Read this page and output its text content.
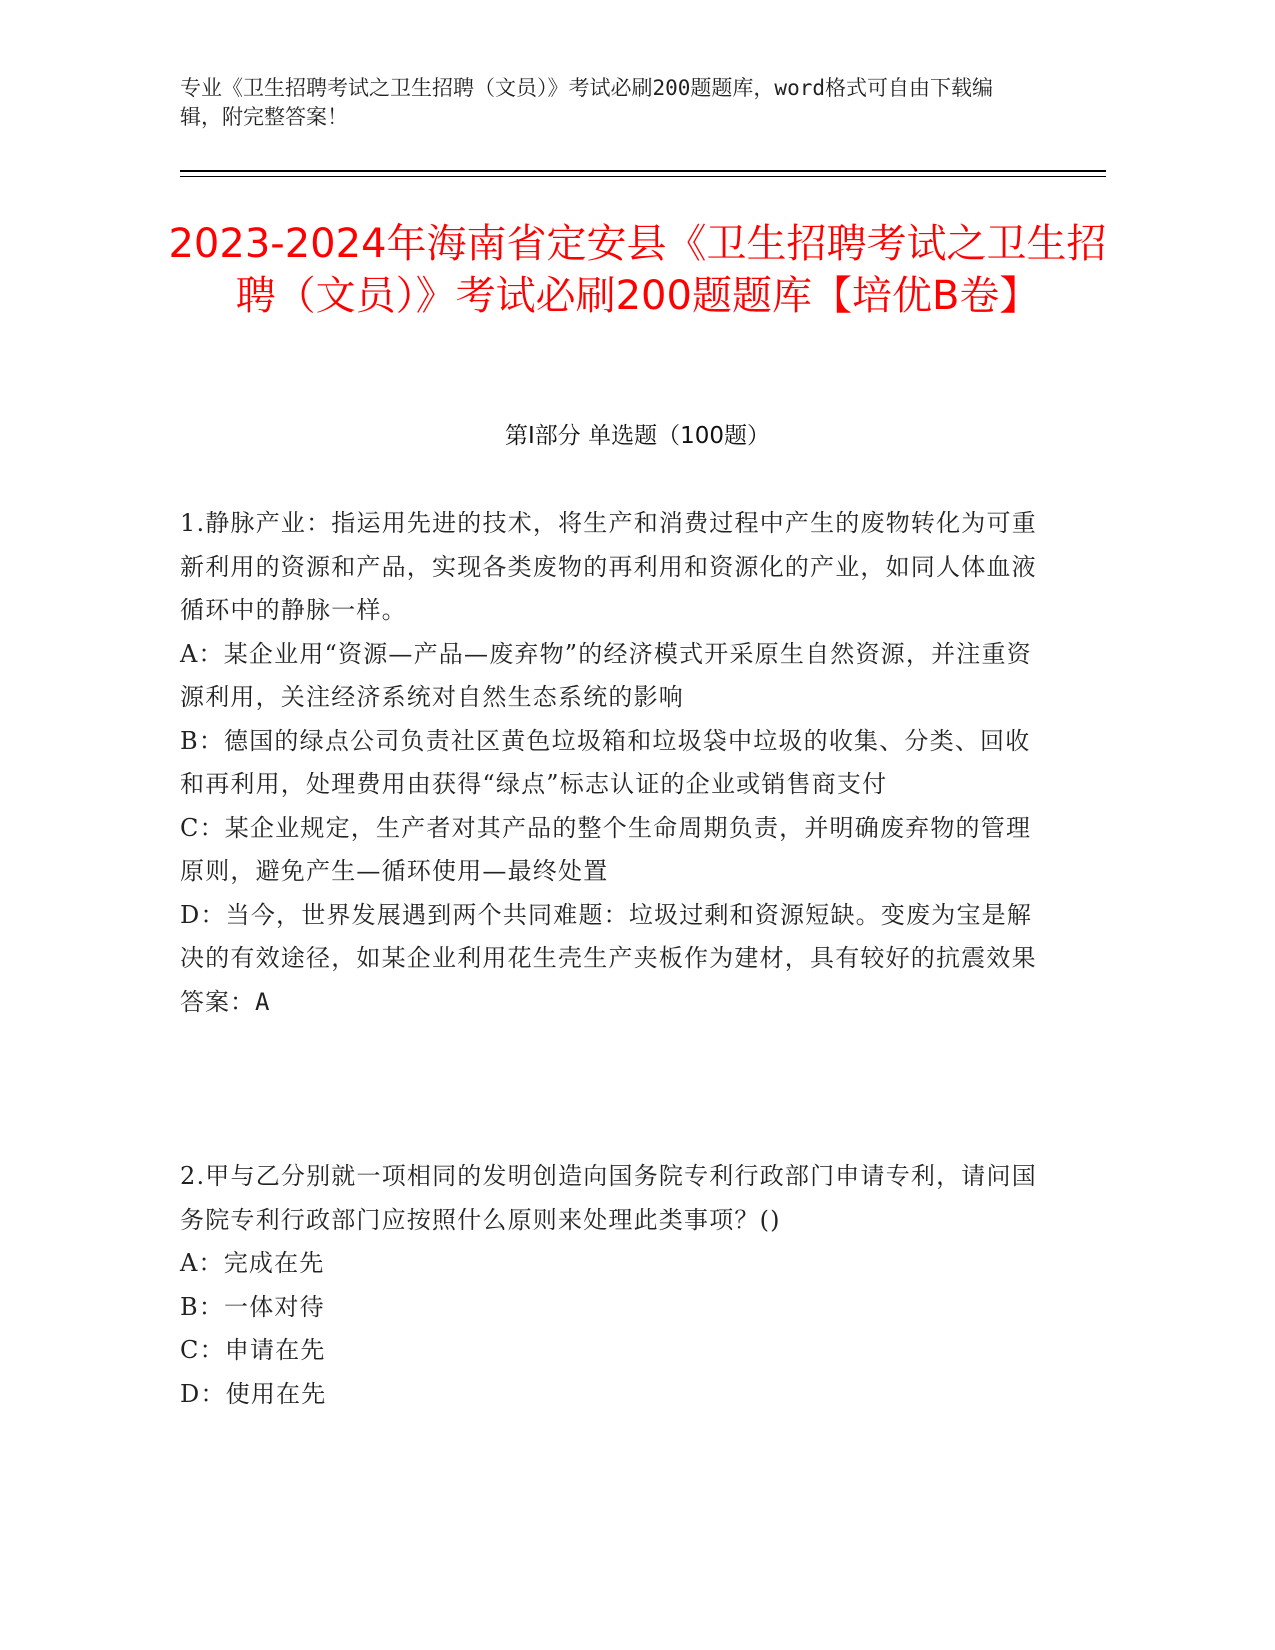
专业《卫生招聘考试之卫生招聘（文员）》考试必刷200题题库，word格式可自由下载编辑，附完整答案！
2023-2024年海南省定安县《卫生招聘考试之卫生招聘（文员）》考试必刷200题题库【培优B卷】
第Ⅰ部分 单选题（100题）

1.静脉产业：指运用先进的技术，将生产和消费过程中产生的废物转化为可重新利用的资源和产品，实现各类废物的再利用和资源化的产业，如同人体血液循环中的静脉一样。

A：某企业用“资源—产品—废弃物”的经济模式开采原生自然资源，并注重资源利用，关注经济系统对自然生态系统的影响

B：德国的绿点公司负责社区黄色垃圾箱和垃圾袋中垃圾的收集、分类、回收和再利用，处理费用由获得“绿点”标志认证的企业或销售商支付

C：某企业规定，生产者对其产品的整个生命周期负责，并明确废弃物的管理原则，避免产生—循环使用—最终处置

D：当今，世界发展遇到两个共同难题：垃圾过剩和资源短缺。变废为宝是解决的有效途径，如某企业利用花生壳生产夹板作为建材，具有较好的抗震效果

答案：A

2.甲与乙分别就一项相同的发明创造向国务院专利行政部门申请专利，请问国务院专利行政部门应按照什么原则来处理此类事项？()

A：完成在先

B：一体对待

C：申请在先

D：使用在先
